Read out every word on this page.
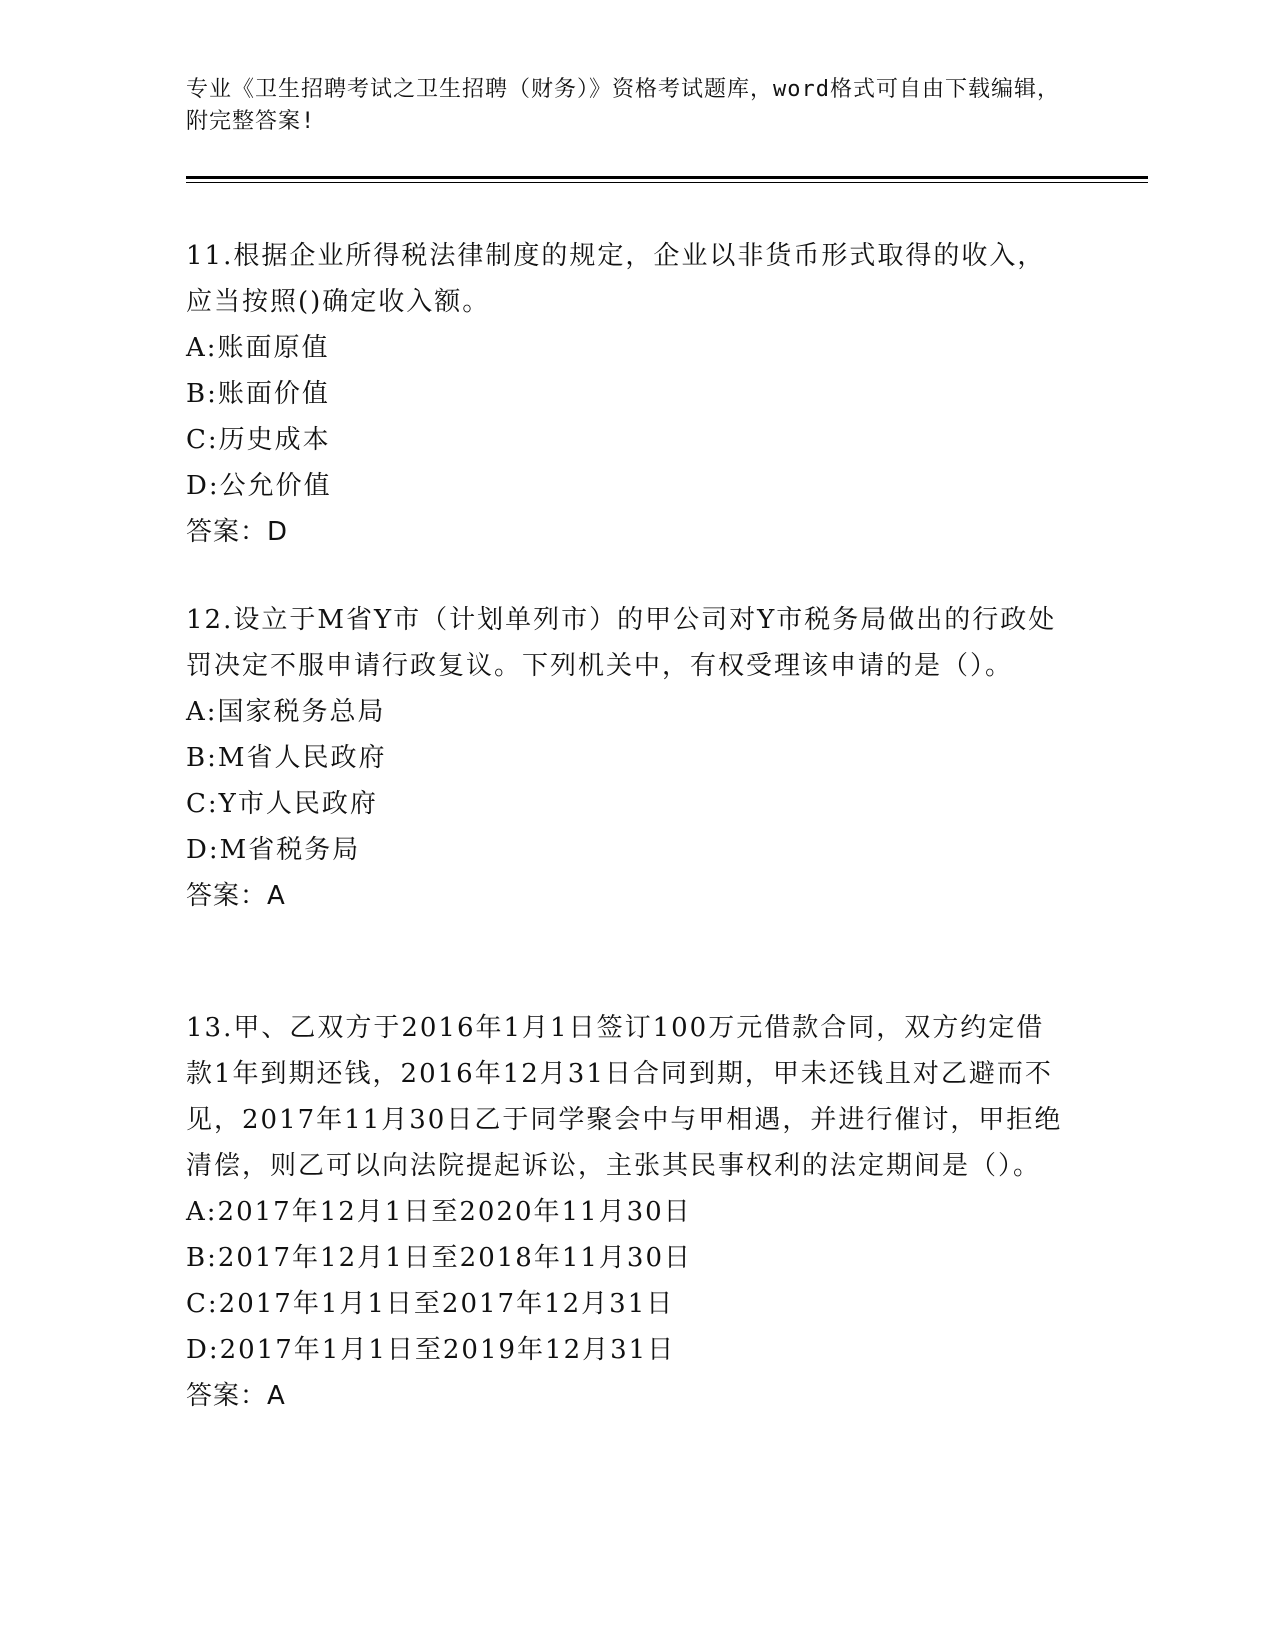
专业《卫生招聘考试之卫生招聘（财务）》资格考试题库，word格式可自由下载编辑，附完整答案!

11.根据企业所得税法律制度的规定，企业以非货币形式取得的收入，应当按照()确定收入额。

A:账面原值

B:账面价值

C:历史成本

D:公允价值

答案：D

12.设立于M省Y市（计划单列市）的甲公司对Y市税务局做出的行政处罚决定不服申请行政复议。下列机关中，有权受理该申请的是（）。

A:国家税务总局

B:M省人民政府

C:Y市人民政府

D:M省税务局

答案：A

13.甲、乙双方于2016年1月1日签订100万元借款合同，双方约定借款1年到期还钱，2016年12月31日合同到期，甲未还钱且对乙避而不见，2017年11月30日乙于同学聚会中与甲相遇，并进行催讨，甲拒绝清偿，则乙可以向法院提起诉讼，主张其民事权利的法定期间是（）。

A:2017年12月1日至2020年11月30日

B:2017年12月1日至2018年11月30日

C:2017年1月1日至2017年12月31日

D:2017年1月1日至2019年12月31日

答案：A
